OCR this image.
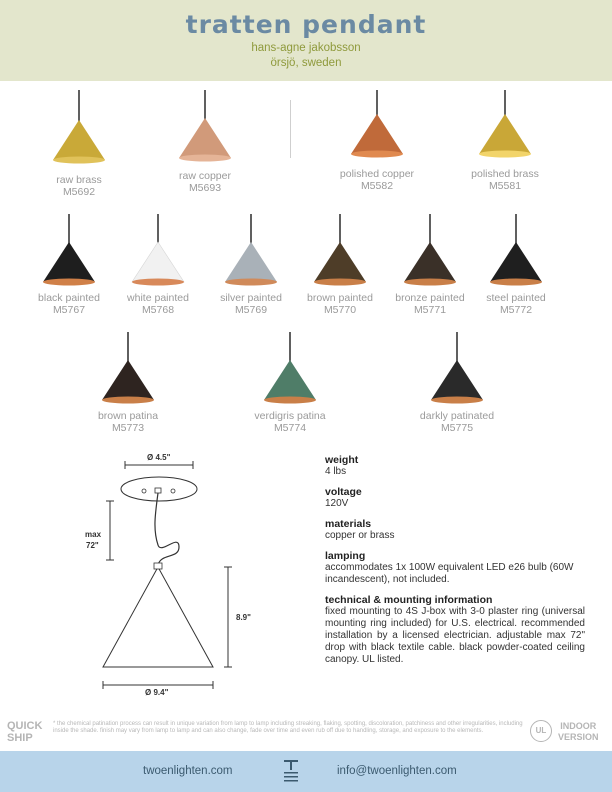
tratten pendant
hans-agne jakobsson
örsjö, sweden
raw brass
M5692
raw copper
M5693
polished copper
M5582
polished brass
M5581
black painted
M5767
white painted
M5768
silver painted
M5769
brown painted
M5770
bronze painted
M5771
steel painted
M5772
brown patina
M5773
verdigris patina
M5774
darkly patinated
M5775
Ø 4.5"
max
72"
8.9"
Ø 9.4"
weight
4 lbs
voltage
120V
materials
copper or brass
lamping
accommodates 1x 100W equivalent LED e26 bulb (60W incandescent), not included.
technical & mounting information
fixed mounting to 4S J-box with 3-0 plaster ring (universal mounting ring included) for U.S. electrical. recommended installation by a licensed electrician. adjustable max 72" drop with black textile cable. black powder-coated ceiling canopy. UL listed.
QUICK
SHIP
* the chemical patination process can result in unique variation from lamp to lamp including streaking, flaking, spotting, discoloration, patchiness and other irregularities, including inside the shade. finish may vary from lamp to lamp and can also change, fade over time and even rub off due to handling, storage, and exposure to the elements.	UL	INDOOR
VERSION
twoenlighten.com	info@twoenlighten.com
